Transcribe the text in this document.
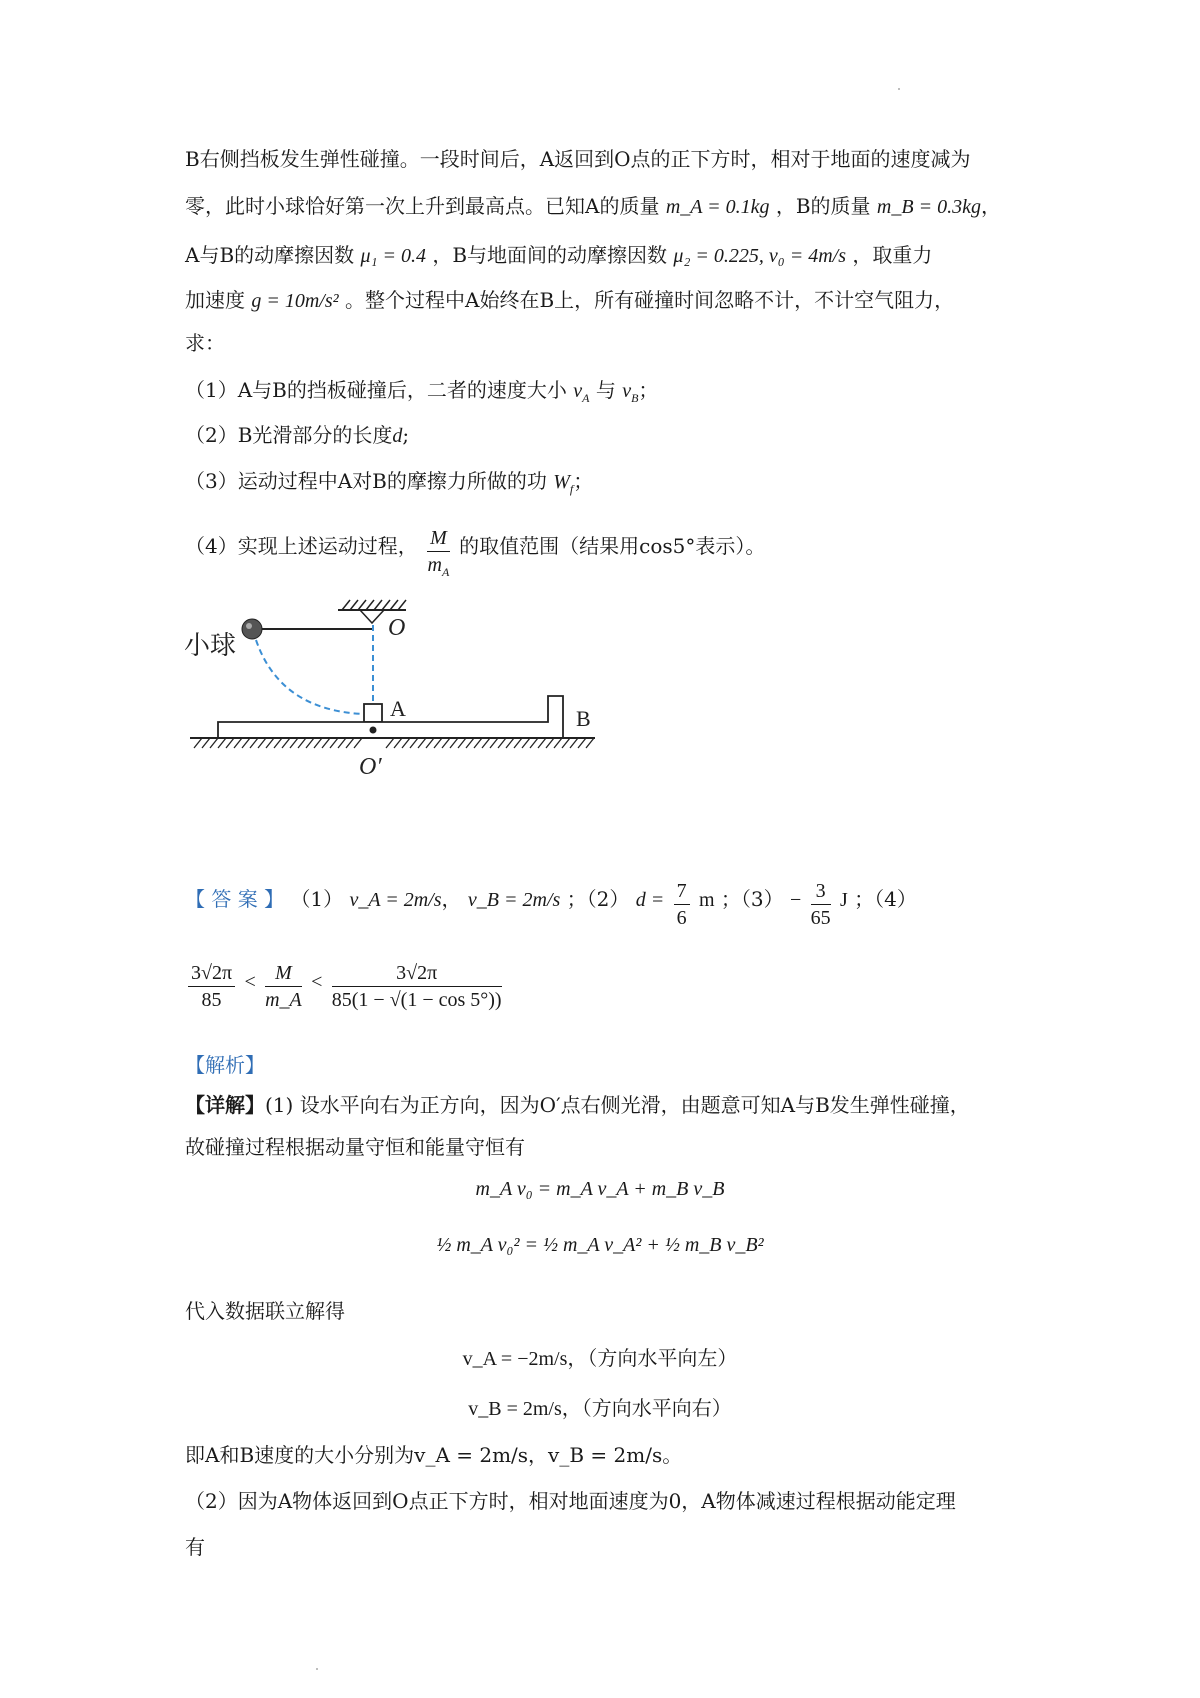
B右侧挡板发生弹性碰撞。一段时间后，A返回到O点的正下方时，相对于地面的速度减为
零，此时小球恰好第一次上升到最高点。已知A的质量 m_A = 0.1kg ，B的质量 m_B = 0.3kg，
A与B的动摩擦因数 μ₁ = 0.4 ，B与地面间的动摩擦因数 μ₂ = 0.225, v₀ = 4m/s ，取重力
加速度 g = 10m/s² 。整个过程中A始终在B上，所有碰撞时间忽略不计，不计空气阻力，
求：
（1）A与B的挡板碰撞后，二者的速度大小 $v_A$ 与 $v_B$；
（2）B光滑部分的长度d;
（3）运动过程中A对B的摩擦力所做的功 $W_f$；
（4）实现上述运动过程， $\frac{M}{m_A}$ 的取值范围（结果用cos5°表示）。
小球
O
A	B
O′
【 答 案 】 （1） v_A = 2m/s， v_B = 2m/s ；（2） $d = \frac{7}{6}$ m ；$(3) - \frac{3}{65}$ J ；（4）
$\frac{3√2\pi}{85} < \frac{M}{m\_A} < \frac{3√2\pi}{85(1 - √(1 - \cos 5^\circ))}$
【解析】
【详解】(1) 设水平向右为正方向，因为O′点右侧光滑，由题意可知A与B发生弹性碰撞，
故碰撞过程根据动量守恒和能量守恒有
m_A v₀ = m_A v_A + m_B v_B
½ m_A v₀² = ½ m_A v_A² + ½ m_B v_B²
代入数据联立解得
v_A = −2m/s，（方向水平向左）
v_B = 2m/s，（方向水平向右）
即A和B速度的大小分别为v_A = 2m/s，v_B = 2m/s。
（2）因为A物体返回到O点正下方时，相对地面速度为0，A物体减速过程根据动能定理
有
